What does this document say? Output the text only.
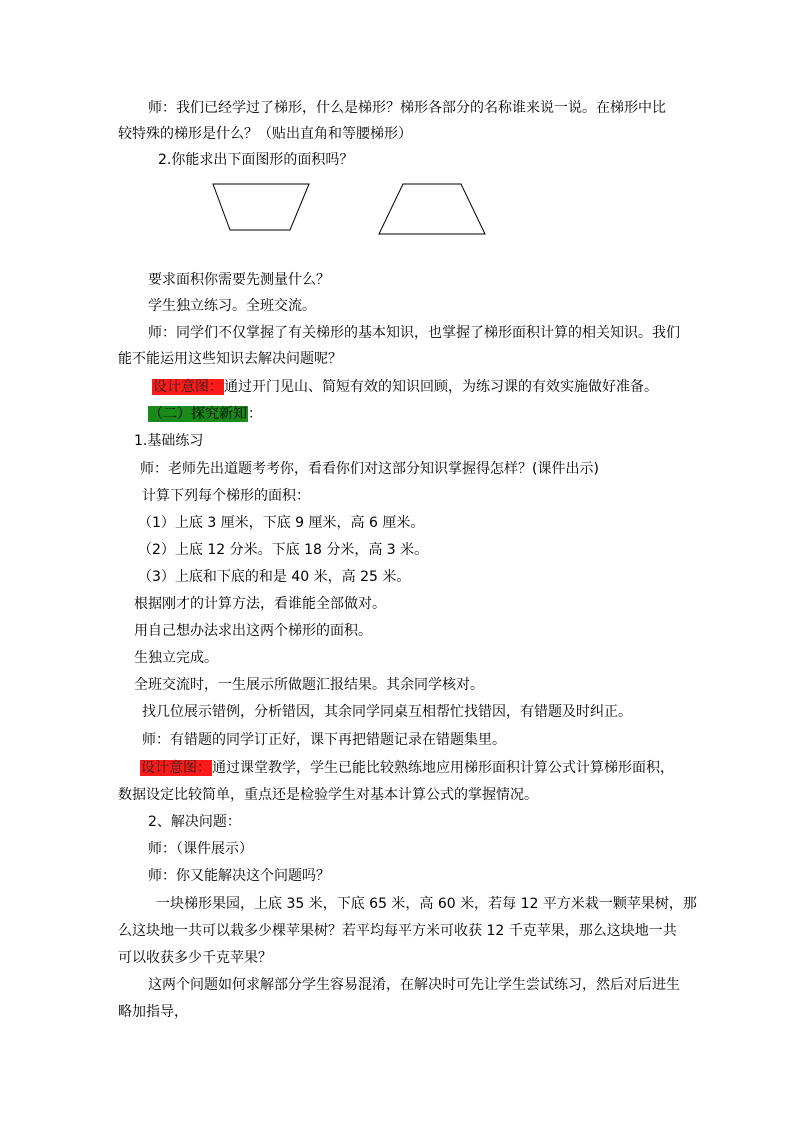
师：我们已经学过了梯形，什么是梯形？梯形各部分的名称谁来说一说。在梯形中比
较特殊的梯形是什么？（贴出直角和等腰梯形）
2.你能求出下面图形的面积吗？
要求面积你需要先测量什么？
学生独立练习。全班交流。
师：同学们不仅掌握了有关梯形的基本知识，也掌握了梯形面积计算的相关知识。我们
能不能运用这些知识去解决问题呢？
设计意图：通过开门见山、简短有效的知识回顾，为练习课的有效实施做好准备。
（二）探究新知：
1.基础练习
师：老师先出道题考考你，看看你们对这部分知识掌握得怎样？(课件出示)
计算下列每个梯形的面积：
（1）上底 3 厘米，下底 9 厘米，高 6 厘米。
（2）上底 12 分米。下底 18 分米，高 3 米。
（3）上底和下底的和是 40 米，高 25 米。
根据刚才的计算方法，看谁能全部做对。
用自己想办法求出这两个梯形的面积。
生独立完成。
全班交流时，一生展示所做题汇报结果。其余同学核对。
找几位展示错例，分析错因，其余同学同桌互相帮忙找错因，有错题及时纠正。
师：有错题的同学订正好，课下再把错题记录在错题集里。
设计意图：通过课堂教学，学生已能比较熟练地应用梯形面积计算公式计算梯形面积，
数据设定比较简单，重点还是检验学生对基本计算公式的掌握情况。
2、解决问题：
师：（课件展示）
师：你又能解决这个问题吗？
一块梯形果园，上底 35 米，下底 65 米，高 60 米，若每 12 平方米栽一颗苹果树，那
么这块地一共可以栽多少棵苹果树？若平均每平方米可收获 12 千克苹果，那么这块地一共
可以收获多少千克苹果？
这两个问题如何求解部分学生容易混淆，在解决时可先让学生尝试练习，然后对后进生
略加指导，
